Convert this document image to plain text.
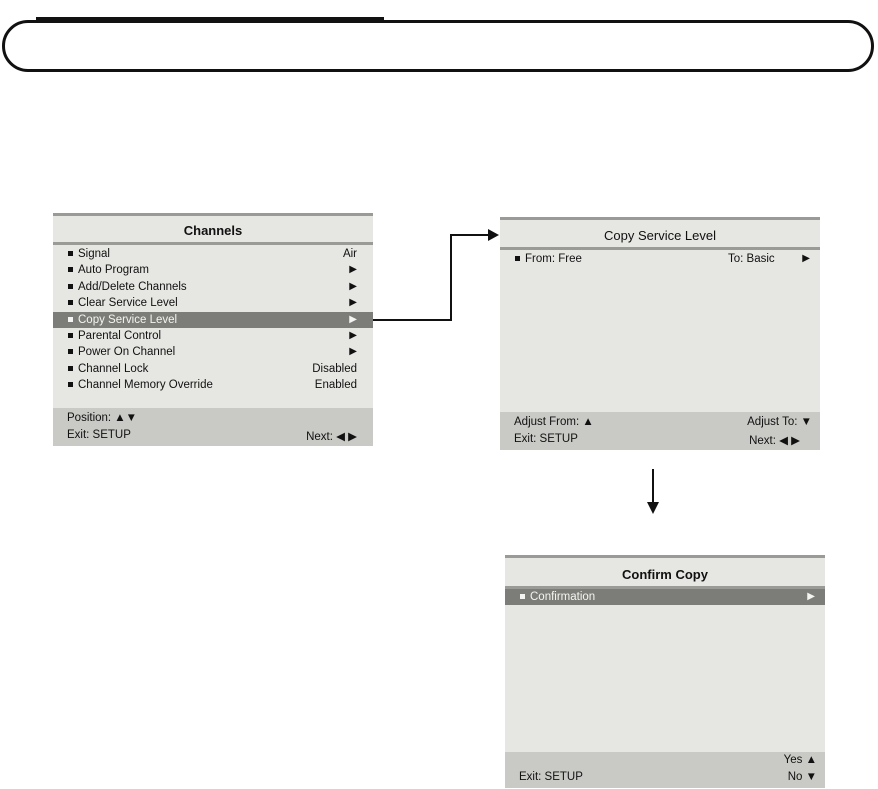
Channels
Signal	Air
Auto Program	▶
Add/Delete Channels	▶
Clear Service Level	▶
Copy Service Level	▶
Parental Control	▶
Power On Channel	▶
Channel Lock	Disabled
Channel Memory Override	Enabled
Position: ▲▼
Exit: SETUP	Next: ◀ ▶
Copy Service Level
From: Free	To: Basic	▶
Adjust From: ▲	Adjust To: ▼
Exit: SETUP	Next: ◀ ▶
Confirm Copy
Confirmation	▶
Yes ▲
Exit: SETUP	No ▼
